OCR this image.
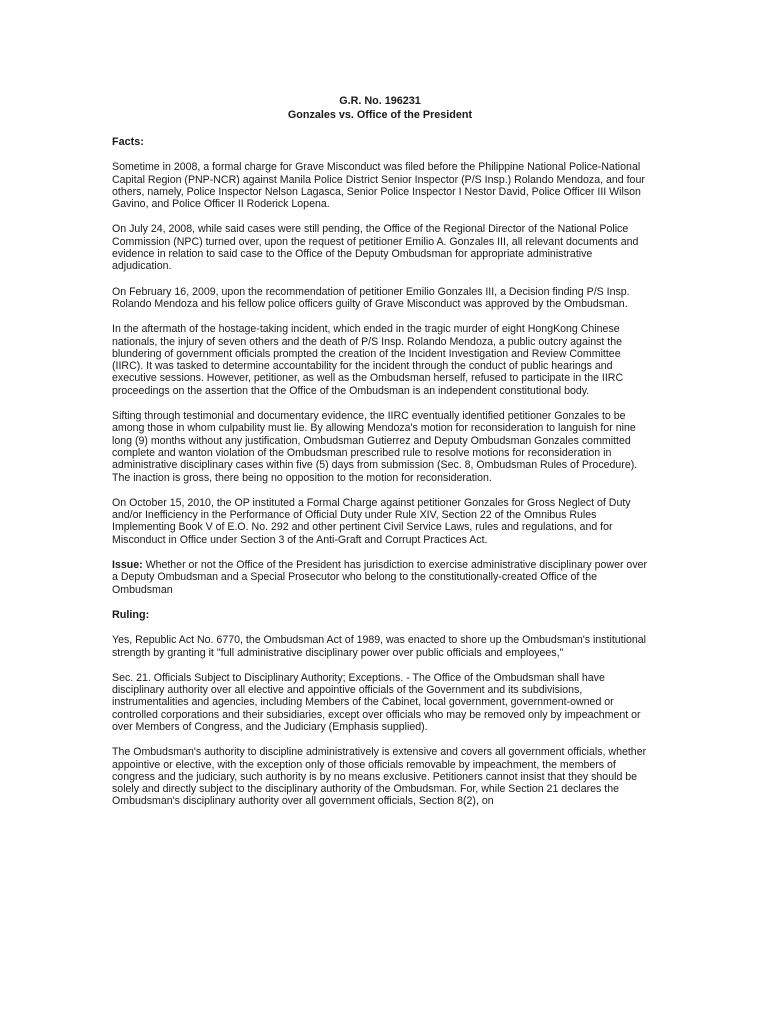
G.R. No. 196231

Gonzales vs. Office of the President

Facts:

Sometime in 2008, a formal charge for Grave Misconduct was filed before the Philippine National Police-National Capital Region (PNP-NCR) against Manila Police District Senior Inspector (P/S Insp.) Rolando Mendoza, and four others, namely, Police Inspector Nelson Lagasca, Senior Police Inspector I Nestor David, Police Officer III Wilson Gavino, and Police Officer II Roderick Lopena.

On July 24, 2008, while said cases were still pending, the Office of the Regional Director of the National Police Commission (NPC) turned over, upon the request of petitioner Emilio A. Gonzales III, all relevant documents and evidence in relation to said case to the Office of the Deputy Ombudsman for appropriate administrative adjudication.

On February 16, 2009, upon the recommendation of petitioner Emilio Gonzales III, a Decision finding P/S Insp. Rolando Mendoza and his fellow police officers guilty of Grave Misconduct was approved by the Ombudsman.

In the aftermath of the hostage-taking incident, which ended in the tragic murder of eight HongKong Chinese nationals, the injury of seven others and the death of P/S Insp. Rolando Mendoza, a public outcry against the blundering of government officials prompted the creation of the Incident Investigation and Review Committee (IIRC). It was tasked to determine accountability for the incident through the conduct of public hearings and executive sessions. However, petitioner, as well as the Ombudsman herself, refused to participate in the IIRC proceedings on the assertion that the Office of the Ombudsman is an independent constitutional body.

Sifting through testimonial and documentary evidence, the IIRC eventually identified petitioner Gonzales to be among those in whom culpability must lie. By allowing Mendoza's motion for reconsideration to languish for nine long (9) months without any justification, Ombudsman Gutierrez and Deputy Ombudsman Gonzales committed complete and wanton violation of the Ombudsman prescribed rule to resolve motions for reconsideration in administrative disciplinary cases within five (5) days from submission (Sec. 8, Ombudsman Rules of Procedure). The inaction is gross, there being no opposition to the motion for reconsideration.

On October 15, 2010, the OP instituted a Formal Charge against petitioner Gonzales for Gross Neglect of Duty and/or Inefficiency in the Performance of Official Duty under Rule XIV, Section 22 of the Omnibus Rules Implementing Book V of E.O. No. 292 and other pertinent Civil Service Laws, rules and regulations, and for Misconduct in Office under Section 3 of the Anti-Graft and Corrupt Practices Act.

Issue: Whether or not the Office of the President has jurisdiction to exercise administrative disciplinary power over a Deputy Ombudsman and a Special Prosecutor who belong to the constitutionally-created Office of the Ombudsman

Ruling:

Yes, Republic Act No. 6770, the Ombudsman Act of 1989, was enacted to shore up the Ombudsman's institutional strength by granting it "full administrative disciplinary power over public officials and employees,"

Sec. 21. Officials Subject to Disciplinary Authority; Exceptions. - The Office of the Ombudsman shall have disciplinary authority over all elective and appointive officials of the Government and its subdivisions, instrumentalities and agencies, including Members of the Cabinet, local government, government-owned or controlled corporations and their subsidiaries, except over officials who may be removed only by impeachment or over Members of Congress, and the Judiciary (Emphasis supplied).

The Ombudsman's authority to discipline administratively is extensive and covers all government officials, whether appointive or elective, with the exception only of those officials removable by impeachment, the members of congress and the judiciary, such authority is by no means exclusive. Petitioners cannot insist that they should be solely and directly subject to the disciplinary authority of the Ombudsman. For, while Section 21 declares the Ombudsman's disciplinary authority over all government officials, Section 8(2), on
